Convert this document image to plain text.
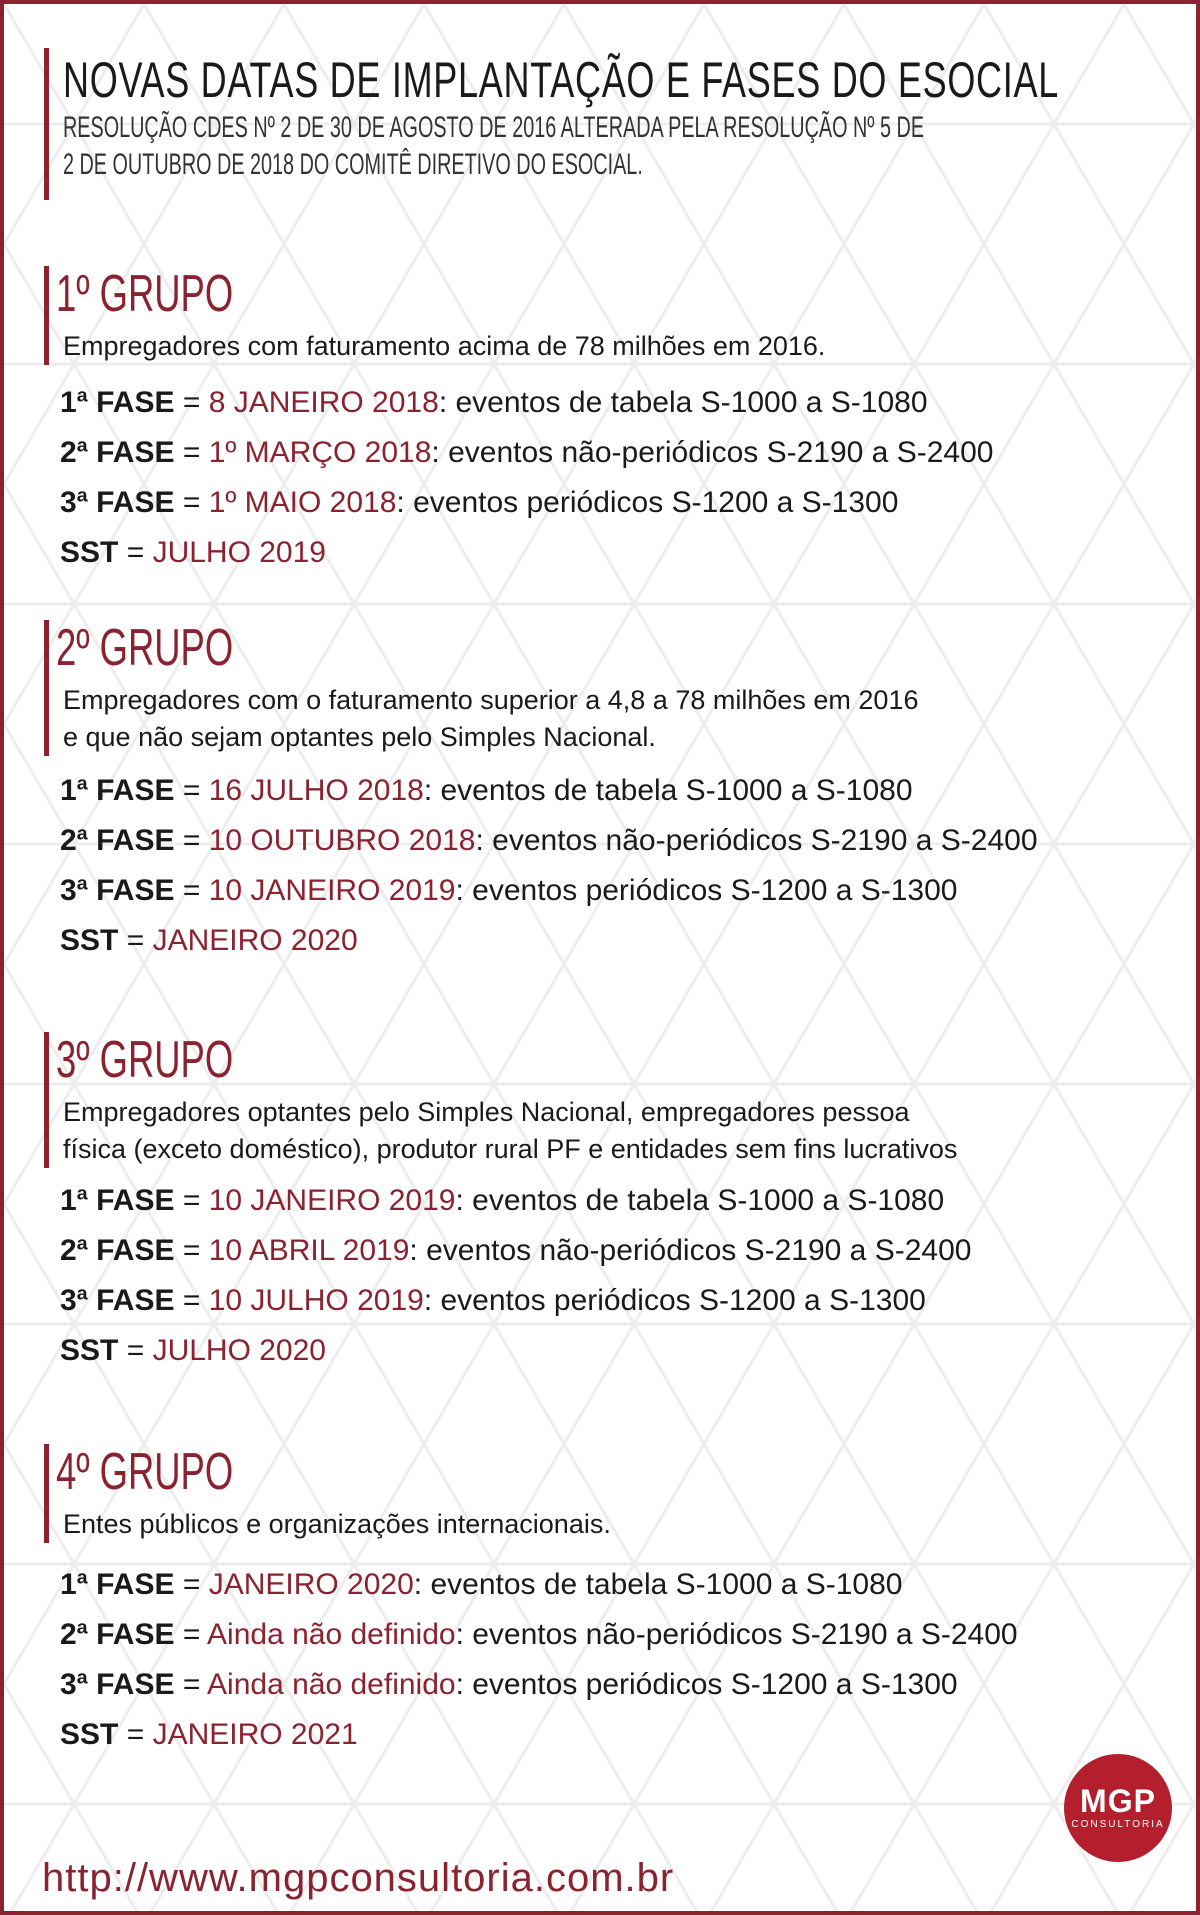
NOVAS DATAS DE IMPLANTAÇÃO E FASES DO ESOCIAL
RESOLUÇÃO CDES Nº 2 DE 30 DE AGOSTO DE 2016 ALTERADA PELA RESOLUÇÃO Nº 5 DE
2 DE OUTUBRO DE 2018 DO COMITÊ DIRETIVO DO ESOCIAL.
1º GRUPO
Empregadores com faturamento acima de 78 milhões em 2016.
1ª FASE = 8 JANEIRO 2018: eventos de tabela S-1000 a S-1080
2ª FASE = 1º MARÇO 2018: eventos não-periódicos S-2190 a S-2400
3ª FASE = 1º MAIO 2018: eventos periódicos S-1200 a S-1300
SST = JULHO 2019
2º GRUPO
Empregadores com o faturamento superior a 4,8 a 78 milhões em 2016
e que não sejam optantes pelo Simples Nacional.
1ª FASE = 16 JULHO 2018: eventos de tabela S-1000 a S-1080
2ª FASE = 10 OUTUBRO 2018: eventos não-periódicos S-2190 a S-2400
3ª FASE = 10 JANEIRO 2019: eventos periódicos S-1200 a S-1300
SST = JANEIRO 2020
3º GRUPO
Empregadores optantes pelo Simples Nacional, empregadores pessoa
física (exceto doméstico), produtor rural PF e entidades sem fins lucrativos
1ª FASE = 10 JANEIRO 2019: eventos de tabela S-1000 a S-1080
2ª FASE = 10 ABRIL 2019: eventos não-periódicos S-2190 a S-2400
3ª FASE = 10 JULHO 2019: eventos periódicos S-1200 a S-1300
SST = JULHO 2020
4º GRUPO
Entes públicos e organizações internacionais.
1ª FASE = JANEIRO 2020: eventos de tabela S-1000 a S-1080
2ª FASE = Ainda não definido: eventos não-periódicos S-2190 a S-2400
3ª FASE = Ainda não definido: eventos periódicos S-1200 a S-1300
SST = JANEIRO 2021
http://www.mgpconsultoria.com.br
MGP
CONSULTORIA
